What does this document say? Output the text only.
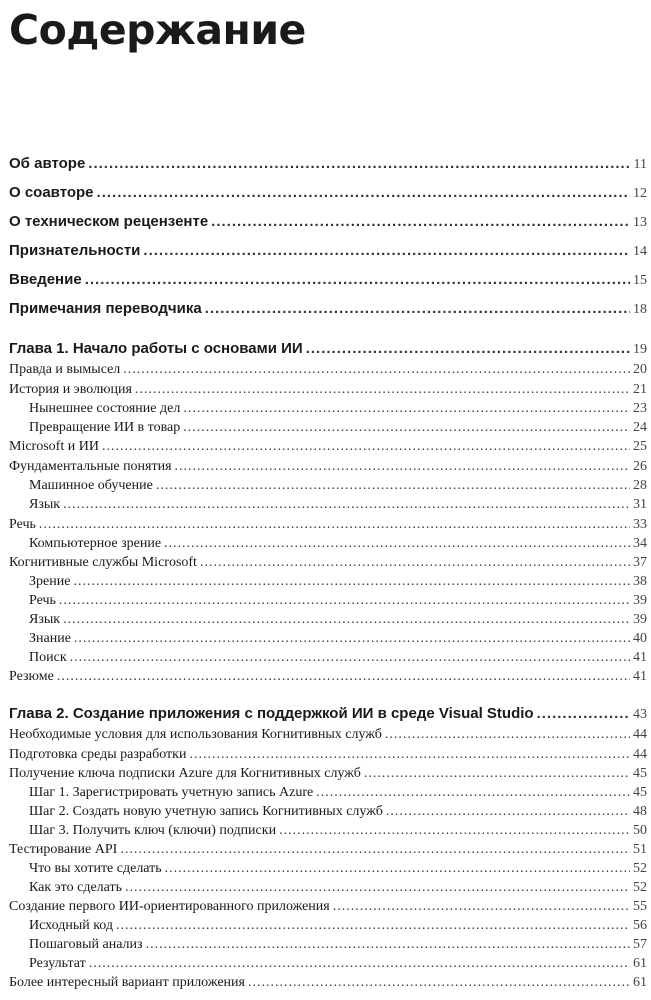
Содержание
Об авторе .....	11
О соавторе .....	12
О техническом рецензенте .....	13
Признательности .....	14
Введение .....	15
Примечания переводчика .....	18
Глава 1. Начало работы с основами ИИ .....	19
Правда и вымысел .....	20
История и эволюция .....	21
Нынешнее состояние дел .....	23
Превращение ИИ в товар .....	24
Microsoft и ИИ .....	25
Фундаментальные понятия .....	26
Машинное обучение .....	28
Язык .....	31
Речь .....	33
Компьютерное зрение .....	34
Когнитивные службы Microsoft .....	37
Зрение .....	38
Речь .....	39
Язык .....	39
Знание .....	40
Поиск .....	41
Резюме .....	41
Глава 2. Создание приложения с поддержкой ИИ в среде Visual Studio .....	43
Необходимые условия для использования Когнитивных служб .....	44
Подготовка среды разработки .....	44
Получение ключа подписки Azure для Когнитивных служб .....	45
Шаг 1. Зарегистрировать учетную запись Azure .....	45
Шаг 2. Создать новую учетную запись Когнитивных служб .....	48
Шаг 3. Получить ключ (ключи) подписки .....	50
Тестирование API .....	51
Что вы хотите сделать .....	52
Как это сделать .....	52
Создание первого ИИ-ориентированного приложения .....	55
Исходный код .....	56
Пошаговый анализ .....	57
Результат .....	61
Более интересный вариант приложения .....	61
